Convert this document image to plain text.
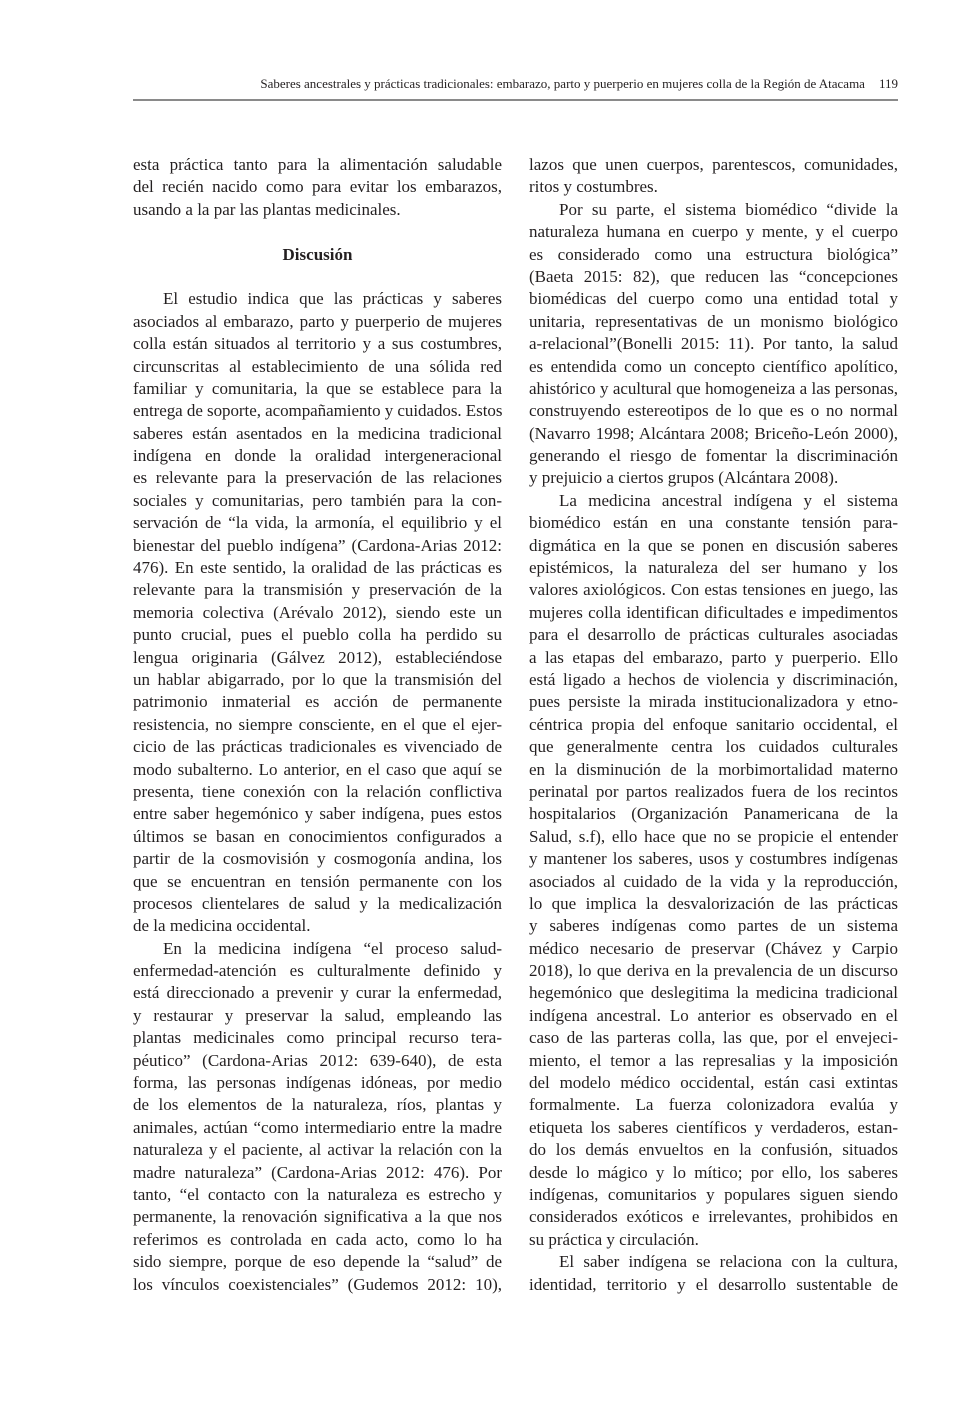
Saberes ancestrales y prácticas tradicionales: embarazo, parto y puerperio en mujeres colla de la Región de Atacama 119
esta práctica tanto para la alimentación saludable
del recién nacido como para evitar los embarazos,
usando a la par las plantas medicinales.
Discusión
El estudio indica que las prácticas y saberes
asociados al embarazo, parto y puerperio de mujeres
colla están situados al territorio y a sus costumbres,
circunscritas al establecimiento de una sólida red
familiar y comunitaria, la que se establece para la
entrega de soporte, acompañamiento y cuidados. Estos
saberes están asentados en la medicina tradicional
indígena en donde la oralidad intergeneracional
es relevante para la preservación de las relaciones
sociales y comunitarias, pero también para la con-
servación de “la vida, la armonía, el equilibrio y el
bienestar del pueblo indígena” (Cardona-Arias 2012:
476). En este sentido, la oralidad de las prácticas es
relevante para la transmisión y preservación de la
memoria colectiva (Arévalo 2012), siendo este un
punto crucial, pues el pueblo colla ha perdido su
lengua originaria (Gálvez 2012), estableciéndose
un hablar abigarrado, por lo que la transmisión del
patrimonio inmaterial es acción de permanente
resistencia, no siempre consciente, en el que el ejer-
cicio de las prácticas tradicionales es vivenciado de
modo subalterno. Lo anterior, en el caso que aquí se
presenta, tiene conexión con la relación conflictiva
entre saber hegemónico y saber indígena, pues estos
últimos se basan en conocimientos configurados a
partir de la cosmovisión y cosmogonía andina, los
que se encuentran en tensión permanente con los
procesos clientelares de salud y la medicalización
de la medicina occidental.
En la medicina indígena “el proceso salud-
enfermedad-atención es culturalmente definido y
está direccionado a prevenir y curar la enfermedad,
y restaurar y preservar la salud, empleando las
plantas medicinales como principal recurso tera-
péutico” (Cardona-Arias 2012: 639-640), de esta
forma, las personas indígenas idóneas, por medio
de los elementos de la naturaleza, ríos, plantas y
animales, actúan “como intermediario entre la madre
naturaleza y el paciente, al activar la relación con la
madre naturaleza” (Cardona-Arias 2012: 476). Por
tanto, “el contacto con la naturaleza es estrecho y
permanente, la renovación significativa a la que nos
referimos es controlada en cada acto, como lo ha
sido siempre, porque de eso depende la “salud” de
los vínculos coexistenciales” (Gudemos 2012: 10),
lazos que unen cuerpos, parentescos, comunidades,
ritos y costumbres.
Por su parte, el sistema biomédico “divide la
naturaleza humana en cuerpo y mente, y el cuerpo
es considerado como una estructura biológica”
(Baeta 2015: 82), que reducen las “concepciones
biomédicas del cuerpo como una entidad total y
unitaria, representativas de un monismo biológico
a-relacional”(Bonelli 2015: 11). Por tanto, la salud
es entendida como un concepto científico apolítico,
ahistórico y acultural que homogeneiza a las personas,
construyendo estereotipos de lo que es o no normal
(Navarro 1998; Alcántara 2008; Briceño-León 2000),
generando el riesgo de fomentar la discriminación
y prejuicio a ciertos grupos (Alcántara 2008).
La medicina ancestral indígena y el sistema
biomédico están en una constante tensión para-
digmática en la que se ponen en discusión saberes
epistémicos, la naturaleza del ser humano y los
valores axiológicos. Con estas tensiones en juego, las
mujeres colla identifican dificultades e impedimentos
para el desarrollo de prácticas culturales asociadas
a las etapas del embarazo, parto y puerperio. Ello
está ligado a hechos de violencia y discriminación,
pues persiste la mirada institucionalizadora y etno-
céntrica propia del enfoque sanitario occidental, el
que generalmente centra los cuidados culturales
en la disminución de la morbimortalidad materno
perinatal por partos realizados fuera de los recintos
hospitalarios (Organización Panamericana de la
Salud, s.f), ello hace que no se propicie el entender
y mantener los saberes, usos y costumbres indígenas
asociados al cuidado de la vida y la reproducción,
lo que implica la desvalorización de las prácticas
y saberes indígenas como partes de un sistema
médico necesario de preservar (Chávez y Carpio
2018), lo que deriva en la prevalencia de un discurso
hegemónico que deslegitima la medicina tradicional
indígena ancestral. Lo anterior es observado en el
caso de las parteras colla, las que, por el envejeci-
miento, el temor a las represalias y la imposición
del modelo médico occidental, están casi extintas
formalmente. La fuerza colonizadora evalúa y
etiqueta los saberes científicos y verdaderos, estan-
do los demás envueltos en la confusión, situados
desde lo mágico y lo mítico; por ello, los saberes
indígenas, comunitarios y populares siguen siendo
considerados exóticos e irrelevantes, prohibidos en
su práctica y circulación.
El saber indígena se relaciona con la cultura,
identidad, territorio y el desarrollo sustentable de
